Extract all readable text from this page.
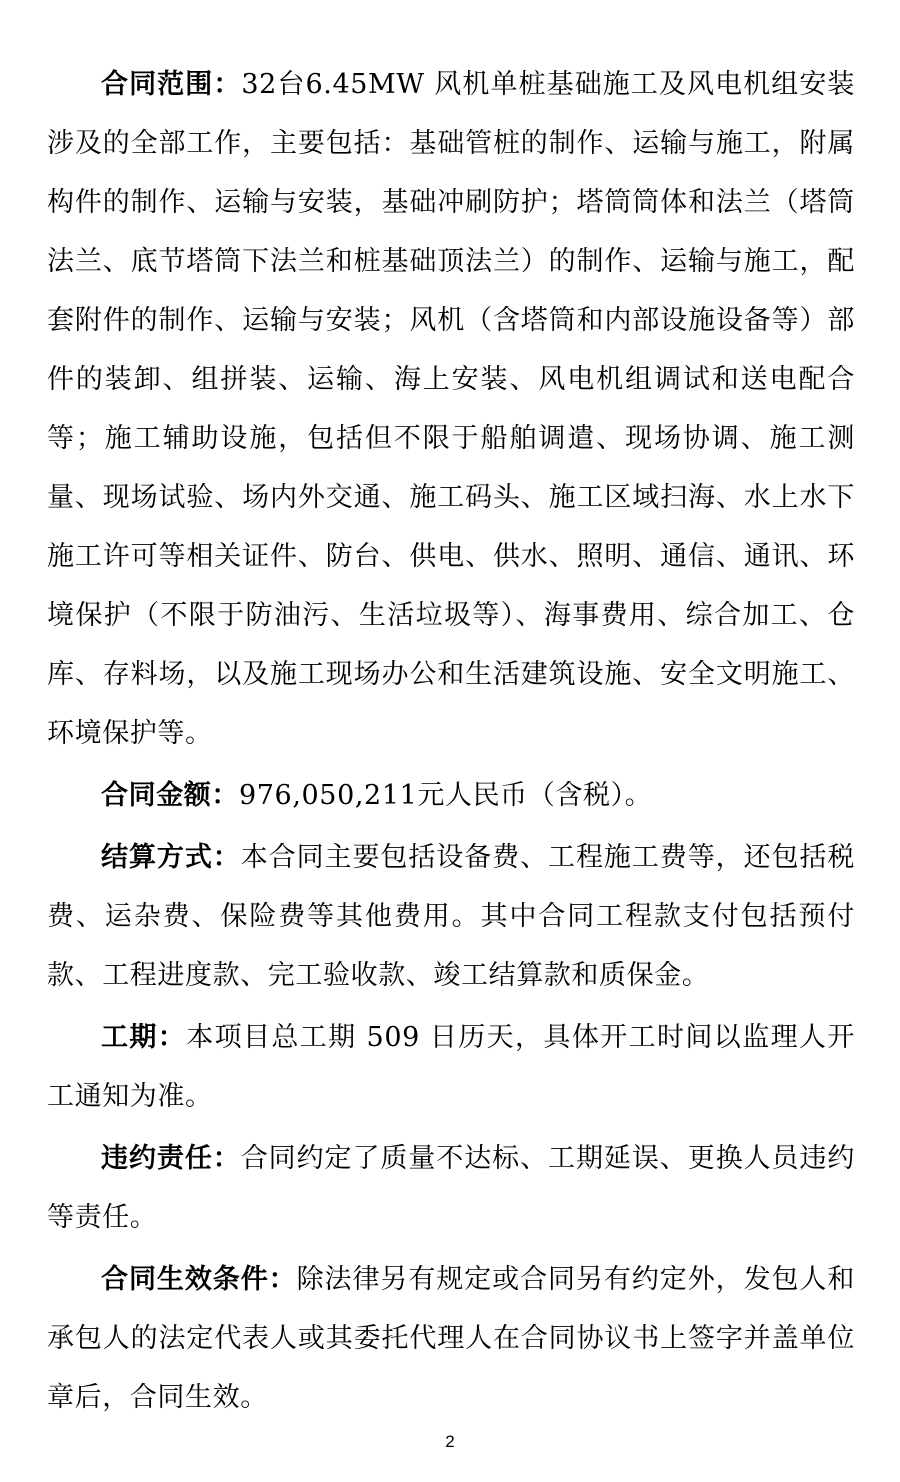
合同范围：32台6.45MW 风机单桩基础施工及风电机组安装涉及的全部工作，主要包括：基础管桩的制作、运输与施工，附属构件的制作、运输与安装，基础冲刷防护；塔筒筒体和法兰（塔筒法兰、底节塔筒下法兰和桩基础顶法兰）的制作、运输与施工，配套附件的制作、运输与安装；风机（含塔筒和内部设施设备等）部件的装卸、组拼装、运输、海上安装、风电机组调试和送电配合等；施工辅助设施，包括但不限于船舶调遣、现场协调、施工测量、现场试验、场内外交通、施工码头、施工区域扫海、水上水下施工许可等相关证件、防台、供电、供水、照明、通信、通讯、环境保护（不限于防油污、生活垃圾等）、海事费用、综合加工、仓库、存料场，以及施工现场办公和生活建筑设施、安全文明施工、环境保护等。

合同金额：976,050,211元人民币（含税）。

结算方式：本合同主要包括设备费、工程施工费等，还包括税费、运杂费、保险费等其他费用。其中合同工程款支付包括预付款、工程进度款、完工验收款、竣工结算款和质保金。

工期：本项目总工期 509 日历天，具体开工时间以监理人开工通知为准。

违约责任：合同约定了质量不达标、工期延误、更换人员违约等责任。

合同生效条件：除法律另有规定或合同另有约定外，发包人和承包人的法定代表人或其委托代理人在合同协议书上签字并盖单位章后，合同生效。

2
